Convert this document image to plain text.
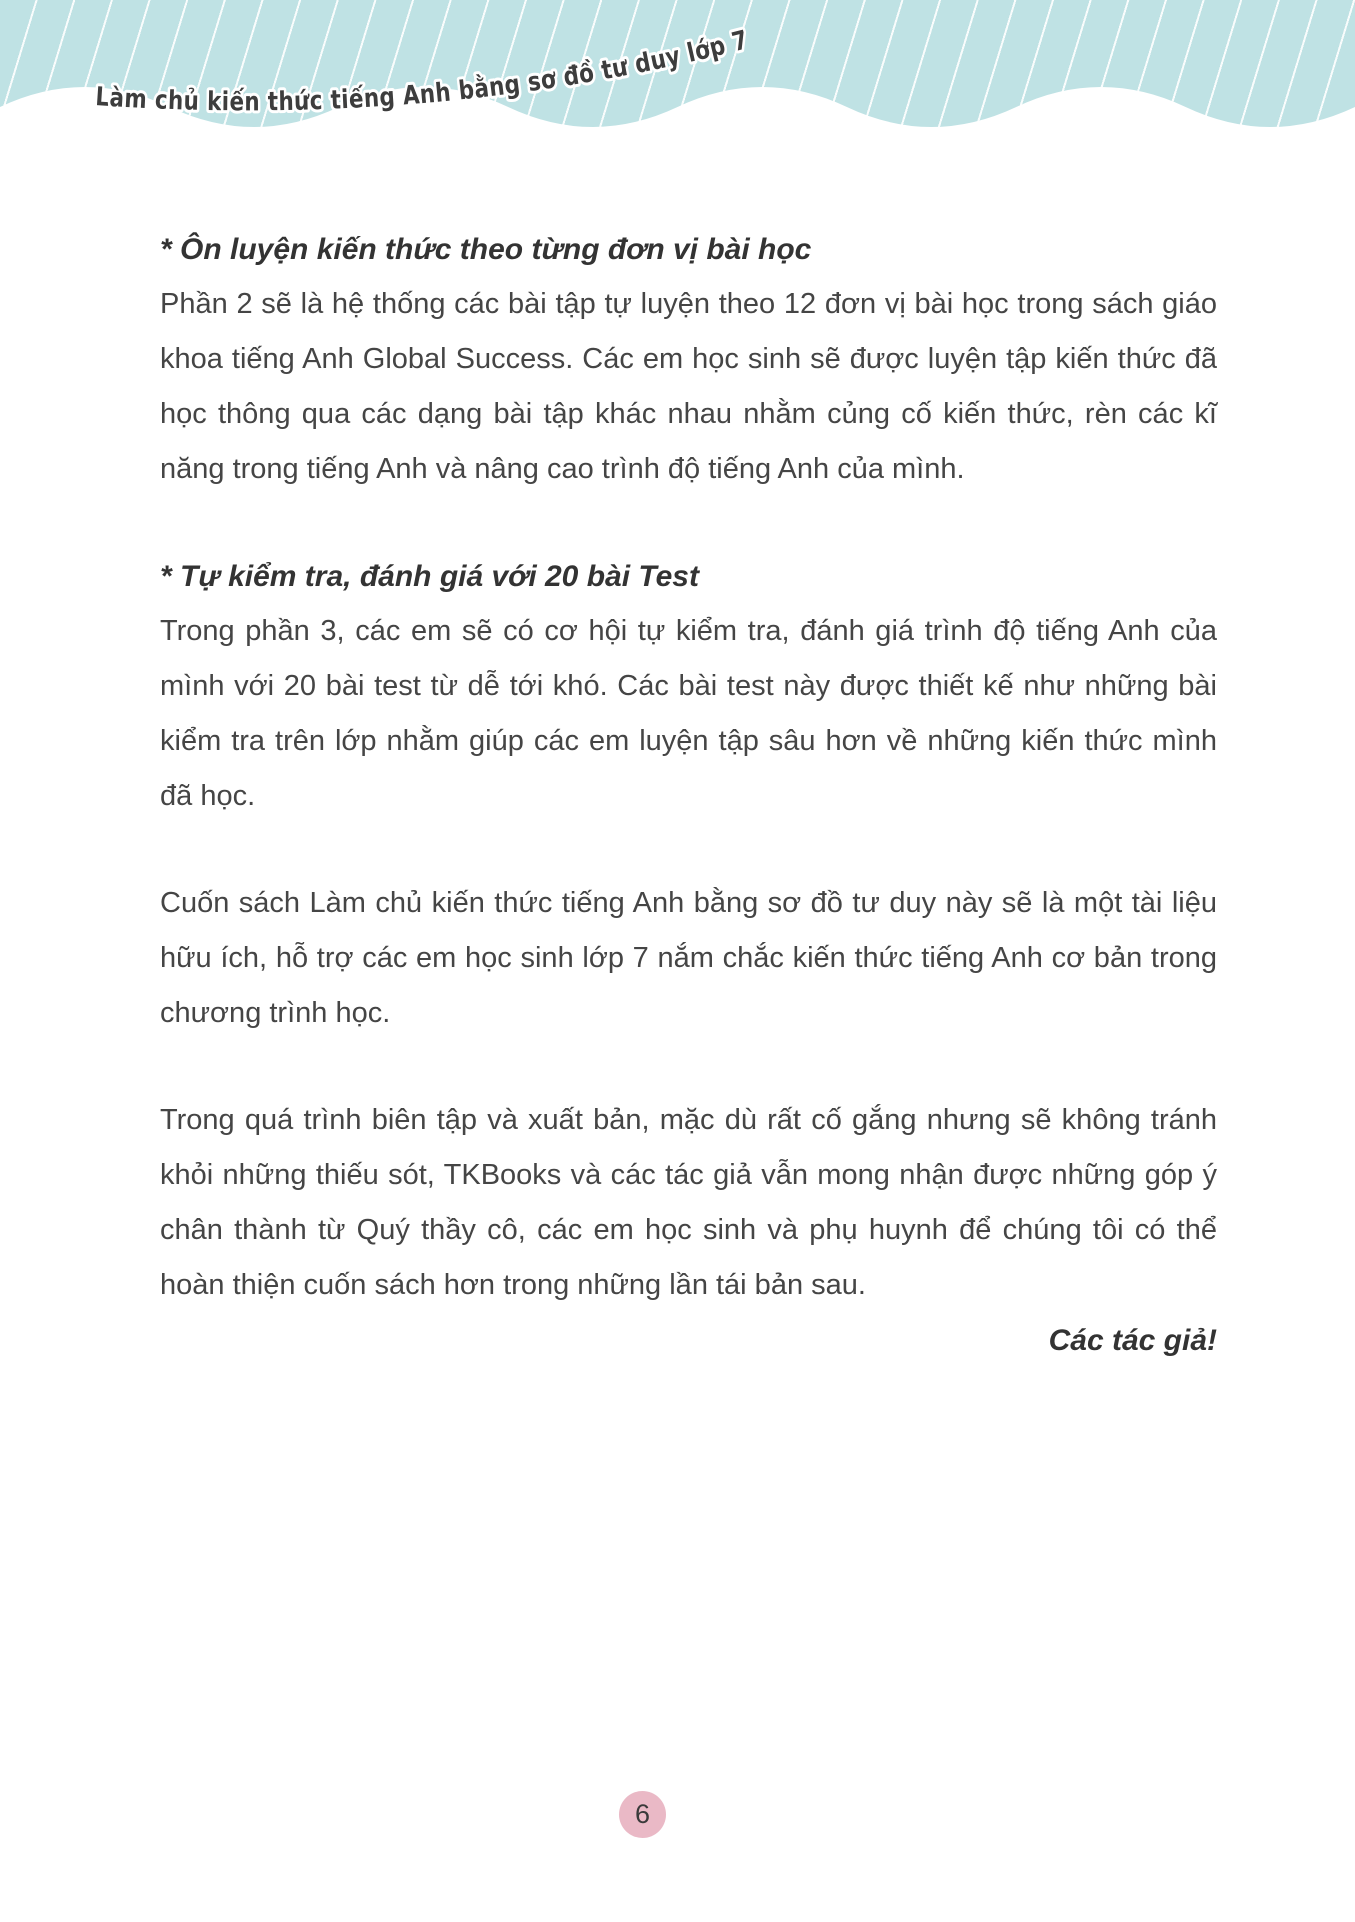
Làm chủ kiến thức tiếng Anh bằng sơ đồ tư duy lớp 7

* Ôn luyện kiến thức theo từng đơn vị bài học

Phần 2 sẽ là hệ thống các bài tập tự luyện theo 12 đơn vị bài học trong sách giáo khoa tiếng Anh Global Success. Các em học sinh sẽ được luyện tập kiến thức đã học thông qua các dạng bài tập khác nhau nhằm củng cố kiến thức, rèn các kĩ năng trong tiếng Anh và nâng cao trình độ tiếng Anh của mình.

* Tự kiểm tra, đánh giá với 20 bài Test

Trong phần 3, các em sẽ có cơ hội tự kiểm tra, đánh giá trình độ tiếng Anh của mình với 20 bài test từ dễ tới khó. Các bài test này được thiết kế như những bài kiểm tra trên lớp nhằm giúp các em luyện tập sâu hơn về những kiến thức mình đã học.

Cuốn sách Làm chủ kiến thức tiếng Anh bằng sơ đồ tư duy này sẽ là một tài liệu hữu ích, hỗ trợ các em học sinh lớp 7 nắm chắc kiến thức tiếng Anh cơ bản trong chương trình học.

Trong quá trình biên tập và xuất bản, mặc dù rất cố gắng nhưng sẽ không tránh khỏi những thiếu sót, TKBooks và các tác giả vẫn mong nhận được những góp ý chân thành từ Quý thầy cô, các em học sinh và phụ huynh để chúng tôi có thể hoàn thiện cuốn sách hơn trong những lần tái bản sau.

Các tác giả!

6
